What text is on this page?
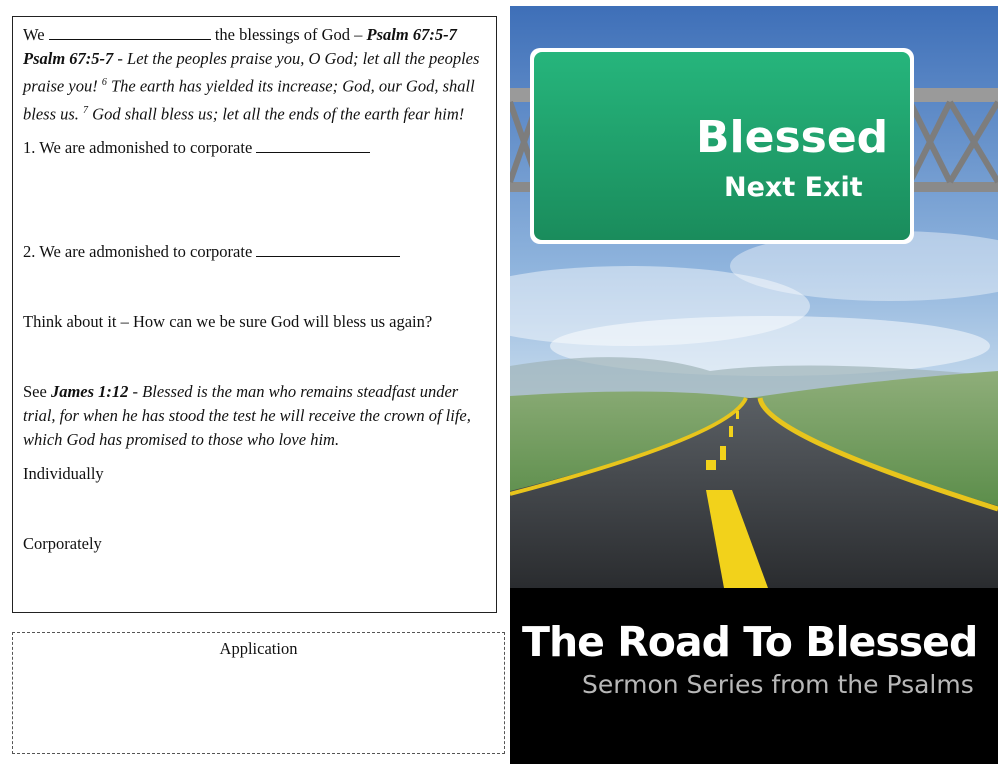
We	the blessings of God – Psalm 67:5-7

Psalm 67:5-7 - Let the peoples praise you, O God; let all the peoples praise you! $^6$ The earth has yielded its increase; God, our God, shall bless us. $^7$ God shall bless us; let all the ends of the earth fear him!

1. We are admonished to corporate

2. We are admonished to corporate

Think about it – How can we be sure God will bless us again?

See James 1:12 - Blessed is the man who remains steadfast under trial, for when he has stood the test he will receive the crown of life, which God has promised to those who love him.

Individually

Corporately

Application
Blessed
Next Exit
The Road To Blessed
Sermon Series from the Psalms
